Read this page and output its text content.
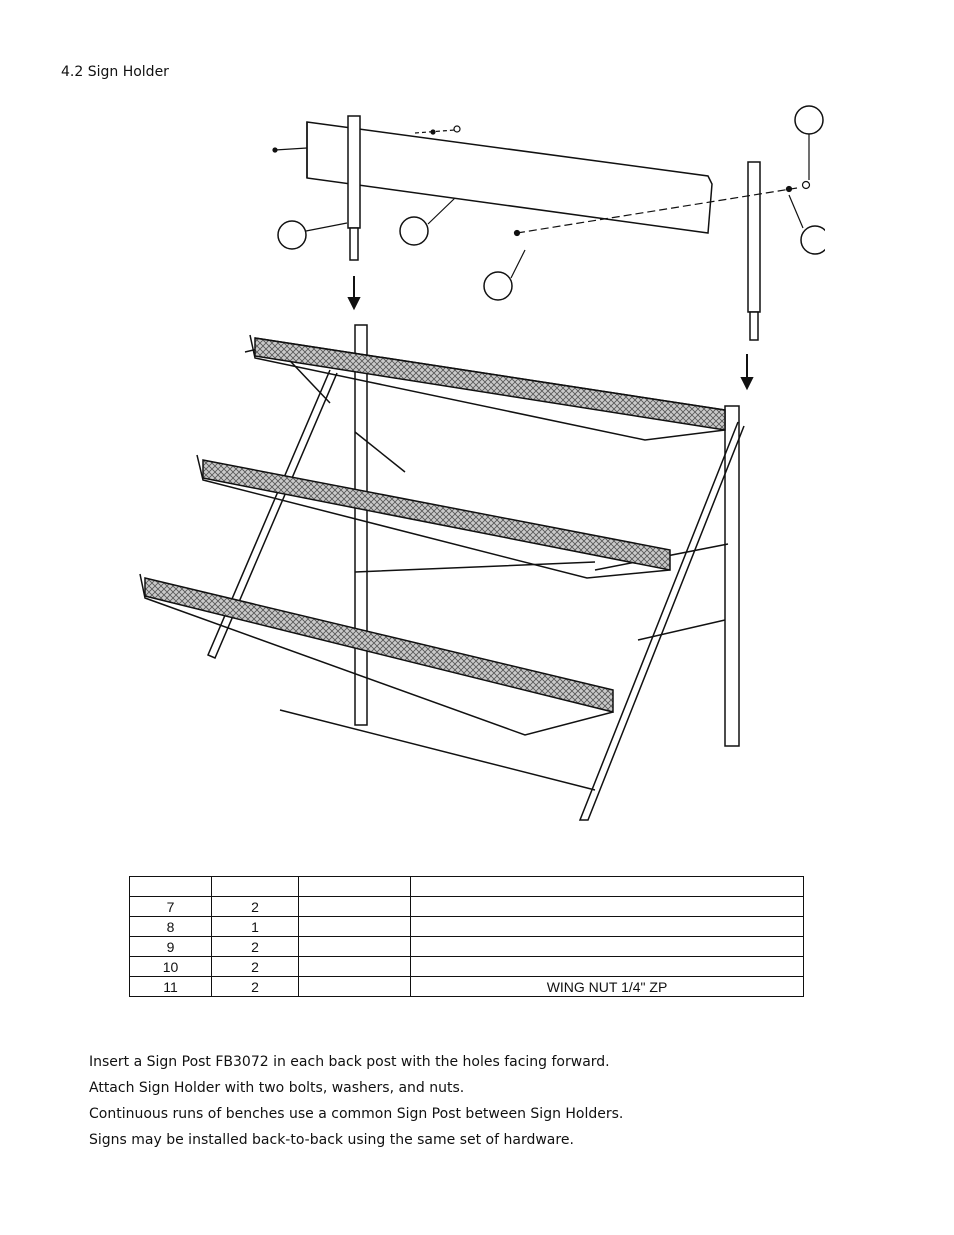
4.2 Sign Holder

7	2		
8	1		
9	2		
10	2		
11	2		WING NUT 1/4" ZP

Insert a Sign Post FB3072 in each back post with the holes facing forward.

Attach Sign Holder with two bolts, washers, and nuts.

Continuous runs of benches use a common Sign Post between Sign Holders.

Signs may be installed back-to-back using the same set of hardware.
